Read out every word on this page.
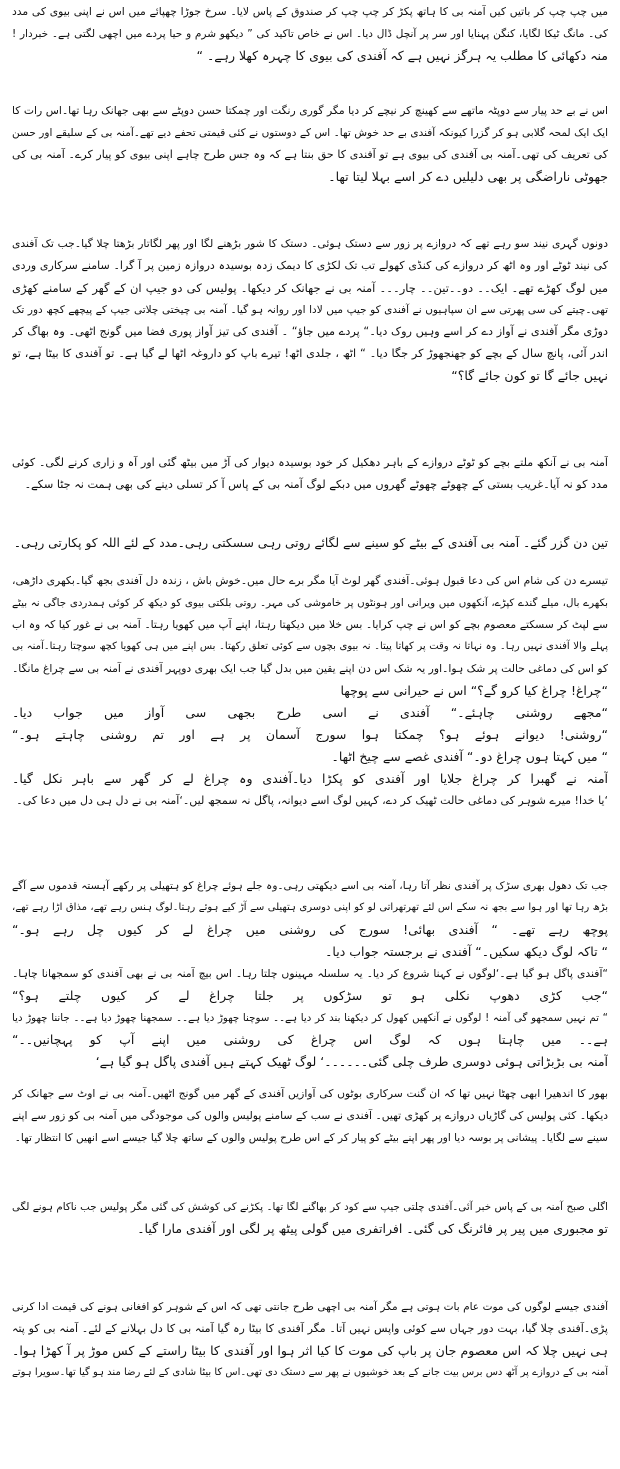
میں چپ چپ کر باتیں کیں آمنہ بی کا ہاتھ پکڑ کر چپ چپ کر صندوق کے پاس لایا۔ سرخ جوڑا چھپائے میں اس نے اپنی بیوی کی مدد
کی۔ مانگ ٹیکا لگایا، کنگن پہنایا اور سر پر آنچل ڈال دیا۔ اس نے خاص تاکید کی ” دیکھو شرم و حیا پردے میں اچھی لگتی ہے۔ خبردار !
منہ دکھائی کا مطلب یہ ہرگز نہیں ہے کہ آفندی کی بیوی کا چہرہ کھلا رہے۔ “
اس نے بے حد پیار سے دوپٹہ ماتھے سے کھینچ کر نیچے کر دیا مگر گوری رنگت اور چمکتا حسن دوپٹے سے بھی جھانک رہا تھا۔اس رات کا
ایک ایک لمحہ گلابی ہو کر گزرا کیونکہ آفندی بے حد خوش تھا۔ اس کے دوستوں نے کئی قیمتی تحفے دیے تھے۔آمنہ بی کے سلیقے اور حسن
کی تعریف کی تھی۔آمنہ بی آفندی کی بیوی ہے تو آفندی کا حق بنتا ہے کہ وہ جس طرح چاہے اپنی بیوی کو پیار کرے۔ آمنہ بی کی
جھوٹی ناراضگی پر بھی دلیلیں دے کر اسے بہلا لیتا تھا۔
دونوں گہری نیند سو رہے تھے کہ دروازے پر زور سے دستک ہوئی۔ دستک کا شور بڑھنے لگا اور پھر لگاتار بڑھتا چلا گیا۔جب تک آفندی
کی نیند ٹوٹے اور وہ اٹھ کر دروازے کی کنڈی کھولے تب تک لکڑی کا دیمک زدہ بوسیدہ دروازہ زمین پر آ گرا۔ سامنے سرکاری وردی
میں لوگ کھڑے تھے۔ ایک۔۔ دو۔۔تین۔۔ چار۔۔۔ آمنہ بی نے جھانک کر دیکھا۔ پولیس کی دو جیپ ان کے گھر کے سامنے کھڑی
تھی۔چیتے کی سی پھرتی سے ان سپاہیوں نے آفندی کو جیپ میں لادا اور روانہ ہو گیا۔ آمنہ بی چیختی چلاتی جیپ کے پیچھے کچھ دور تک
دوڑی مگر آفندی نے آواز دے کر اسے وہیں روک دیا۔“ پردے میں جاؤ“ ۔ آفندی کی تیز آواز پوری فضا میں گونج اٹھی۔ وہ بھاگ کر
اندر آئی، پانچ سال کے بچے کو جھنجھوڑ کر جگا دیا۔ “ اٹھ ، جلدی اٹھ! تیرے باپ کو داروغہ اٹھا لے گیا ہے۔ تو آفندی کا بیٹا ہے، تو
نہیں جائے گا تو کون جائے گا؟“
آمنہ بی نے آنکھ ملتے بچے کو ٹوٹے دروازے کے باہر دھکیل کر خود بوسیدہ دیوار کی آڑ میں بیٹھ گئی اور آہ و زاری کرنے لگی۔ کوئی
مدد کو نہ آیا۔غریب بستی کے چھوٹے چھوٹے گھروں میں دبکے لوگ آمنہ بی کے پاس آ کر تسلی دینے کی بھی ہمت نہ جٹا سکے۔
تین دن گزر گئے۔ آمنہ بی آفندی کے بیٹے کو سینے سے لگائے روتی رہی سسکتی رہی۔مدد کے لئے اللہ کو پکارتی رہی۔
تیسرے دن کی شام اس کی دعا قبول ہوئی۔آفندی گھر لوٹ آیا مگر برے حال میں۔خوش باش ، زندہ دل آفندی بجھ گیا۔بکھری داڑھی،
بکھرے بال، میلے گندے کپڑے، آنکھوں میں ویرانی اور ہونٹوں پر خاموشی کی مہر۔ روتی بلکتی بیوی کو دیکھ کر کوئی ہمدردی جاگی نہ بیٹے
سے لپٹ کر سسکتے معصوم بچے کو اس نے چپ کرایا۔ بس خلا میں دیکھتا رہتا، اپنے آپ میں کھویا رہتا۔ آمنہ بی نے غور کیا کہ وہ اب
پہلے والا آفندی نہیں رہا۔ وہ نہاتا نہ وقت پر کھاتا پیتا۔ نہ بیوی بچوں سے کوئی تعلق رکھتا۔ بس اپنے میں ہی کھویا کچھ سوچتا رہتا۔آمنہ بی
کو اس کی دماغی حالت پر شک ہوا۔اور یہ شک اس دن اپنے یقین میں بدل گیا جب ایک بھری دوپہر آفندی نے آمنہ بی سے چراغ مانگا۔
“چراغ! چراغ کیا کرو گے؟“ اس نے حیرانی سے پوچھا
“مجھے روشنی چاہئے۔“ آفندی نے اسی طرح بجھی سی آواز میں جواب دیا۔
“روشنی! دیوانے ہوئے ہو؟ چمکتا ہوا سورج آسمان پر ہے اور تم روشنی چاہتے ہو۔“
“ میں کہتا ہوں چراغ دو۔“ آفندی غصے سے چیخ اٹھا۔
آمنہ نے گھبرا کر چراغ جلایا اور آفندی کو پکڑا دیا۔آفندی وہ چراغ لے کر گھر سے باہر نکل گیا۔
‘یا خدا! میرے شوہر کی دماغی حالت ٹھیک کر دے، کہیں لوگ اسے دیوانہ، پاگل نہ سمجھ لیں۔‘آمنہ بی نے دل ہی دل میں دعا کی۔
جب تک دھول بھری سڑک پر آفندی نظر آتا رہا، آمنہ بی اسے دیکھتی رہی۔وہ جلے ہوئے چراغ کو ہتھیلی پر رکھے آہستہ قدموں سے آگے
بڑھ رہا تھا اور ہوا سے بجھ نہ سکے اس لئے تھرتھراتی لو کو اپنی دوسری ہتھیلی سے آڑ کیے ہوئے رہتا۔لوگ ہنس رہے تھے، مذاق اڑا رہے تھے،
پوچھ رہے تھے۔ “ آفندی بھائی! سورج کی روشنی میں چراغ لے کر کیوں چل رہے ہو۔“
“ تاکہ لوگ دیکھ سکیں۔“ آفندی نے برجستہ جواب دیا۔
“آفندی پاگل ہو گیا ہے۔‘لوگوں نے کہنا شروع کر دیا۔ یہ سلسلہ مہینوں چلتا رہا۔ اس بیچ آمنہ بی نے بھی آفندی کو سمجھانا چاہا۔
“جب کڑی دھوپ نکلی ہو تو سڑکوں پر جلتا چراغ لے کر کیوں چلتے ہو؟“
“ تم نہیں سمجھو گی آمنہ ! لوگوں نے آنکھیں کھول کر دیکھنا بند کر دیا ہے۔۔ سوچنا چھوڑ دیا ہے۔۔ سمجھنا چھوڑ دیا ہے۔۔ جاننا چھوڑ دیا
ہے۔۔ میں چاہتا ہوں کہ لوگ اس چراغ کی روشنی میں اپنے آپ کو پہچانیں۔۔“
آمنہ بی بڑبڑاتی ہوئی دوسری طرف چلی گئی۔۔۔۔۔۔‘ لوگ ٹھیک کہتے ہیں آفندی پاگل ہو گیا ہے‘
بھور کا اندھیرا ابھی چھٹا نہیں تھا کہ ان گنت سرکاری بوٹوں کی آوازیں آفندی کے گھر میں گونج اٹھیں۔آمنہ بی نے اوٹ سے جھانک کر
دیکھا۔ کئی پولیس کی گاڑیاں دروازے پر کھڑی تھیں۔ آفندی نے سب کے سامنے پولیس والوں کی موجودگی میں آمنہ بی کو زور سے اپنے
سینے سے لگایا۔ پیشانی پر بوسہ دیا اور پھر اپنے بیٹے کو پیار کر کے اس طرح پولیس والوں کے ساتھ چلا گیا جیسے اسے انھیں کا انتظار تھا۔
اگلی صبح آمنہ بی کے پاس خبر آئی۔آفندی چلتی جیپ سے کود کر بھاگنے لگا تھا۔ پکڑنے کی کوشش کی گئی مگر پولیس جب ناکام ہونے لگی
تو مجبوری میں پیر پر فائرنگ کی گئی۔ افراتفری میں گولی پیٹھ پر لگی اور آفندی مارا گیا۔
آفندی جیسے لوگوں کی موت عام بات ہوتی ہے مگر آمنہ بی اچھی طرح جانتی تھی کہ اس کے شوہر کو افغانی ہونے کی قیمت ادا کرنی
پڑی۔آفندی چلا گیا، بہت دور جہاں سے کوئی واپس نہیں آتا۔ مگر آفندی کا بیٹا رہ گیا آمنہ بی کا دل بہلانے کے لئے۔ آمنہ بی کو پتہ
ہی نہیں چلا کہ اس معصوم جان پر باپ کی موت کا کیا اثر ہوا اور آفندی کا بیٹا راستے کے کس موڑ پر آ کھڑا ہوا۔
آمنہ بی کے دروازے پر آٹھ دس برس بیت جانے کے بعد خوشیوں نے پھر سے دستک دی تھی۔اس کا بیٹا شادی کے لئے رضا مند ہو گیا تھا۔سویرا ہوتے
